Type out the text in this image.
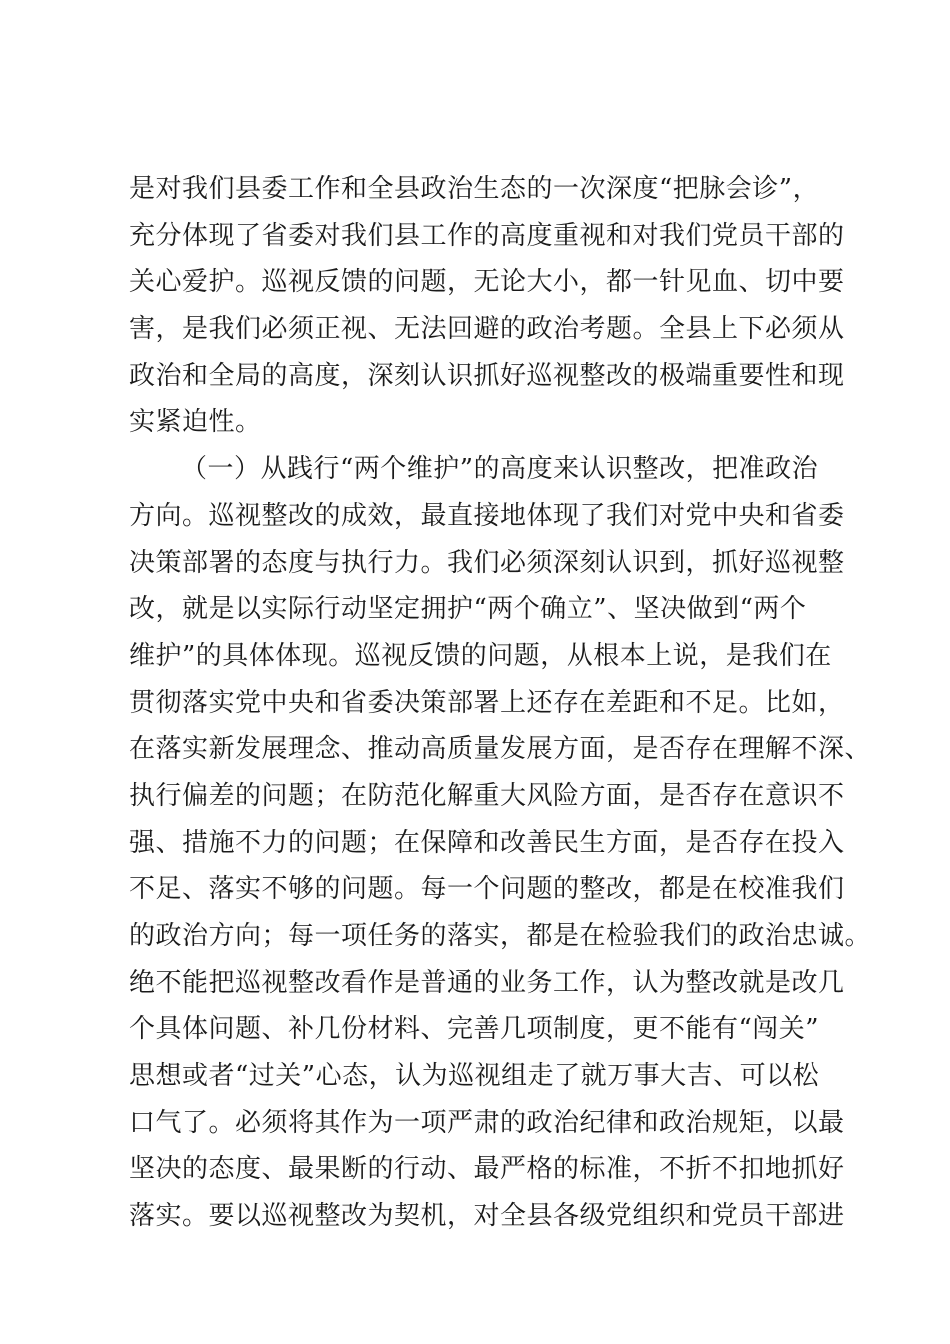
是对我们县委工作和全县政治生态的一次深度“把脉会诊”，
充分体现了省委对我们县工作的高度重视和对我们党员干部的
关心爱护。巡视反馈的问题，无论大小，都一针见血、切中要
害，是我们必须正视、无法回避的政治考题。全县上下必须从
政治和全局的高度，深刻认识抓好巡视整改的极端重要性和现
实紧迫性。
（一）从践行“两个维护”的高度来认识整改，把准政治
方向。巡视整改的成效，最直接地体现了我们对党中央和省委
决策部署的态度与执行力。我们必须深刻认识到，抓好巡视整
改，就是以实际行动坚定拥护“两个确立”、坚决做到“两个
维护”的具体体现。巡视反馈的问题，从根本上说，是我们在
贯彻落实党中央和省委决策部署上还存在差距和不足。比如，
在落实新发展理念、推动高质量发展方面，是否存在理解不深、
执行偏差的问题；在防范化解重大风险方面，是否存在意识不
强、措施不力的问题；在保障和改善民生方面，是否存在投入
不足、落实不够的问题。每一个问题的整改，都是在校准我们
的政治方向；每一项任务的落实，都是在检验我们的政治忠诚。
绝不能把巡视整改看作是普通的业务工作，认为整改就是改几
个具体问题、补几份材料、完善几项制度，更不能有“闯关”
思想或者“过关”心态，认为巡视组走了就万事大吉、可以松
口气了。必须将其作为一项严肃的政治纪律和政治规矩，以最
坚决的态度、最果断的行动、最严格的标准，不折不扣地抓好
落实。要以巡视整改为契机，对全县各级党组织和党员干部进
